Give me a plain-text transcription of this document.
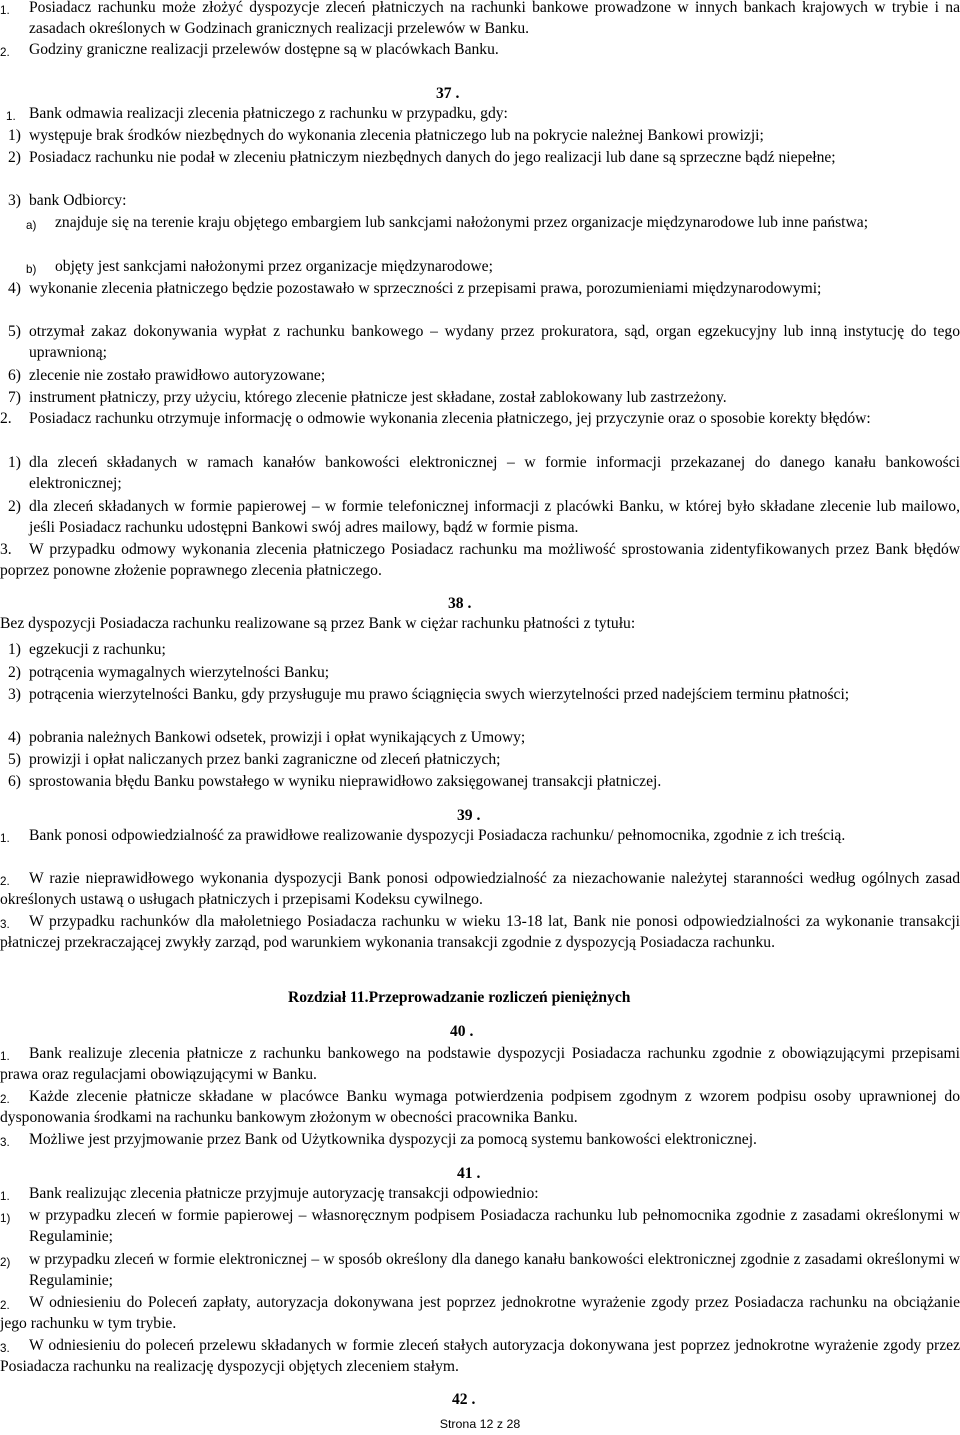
1.	Posiadacz rachunku może złożyć dyspozycje zleceń płatniczych na rachunki bankowe prowadzone w innych bankach krajowych w trybie i na zasadach określonych w Godzinach granicznych realizacji przelewów w Banku.

2.	Godziny graniczne realizacji przelewów dostępne są w placówkach Banku.

37 .
1. Bank odmawia realizacji zlecenia płatniczego z rachunku w przypadku, gdy:

1) występuje brak środków niezbędnych do wykonania zlecenia płatniczego lub na pokrycie należnej Bankowi prowizji;

2) Posiadacz rachunku nie podał w zleceniu płatniczym niezbędnych danych do jego realizacji lub dane są sprzeczne bądź niepełne;

3) bank Odbiorcy:

a)	znajduje się na terenie kraju objętego embargiem lub sankcjami nałożonymi przez organizacje międzynarodowe lub inne państwa;

b)	objęty jest sankcjami nałożonymi przez organizacje międzynarodowe;

4) wykonanie zlecenia płatniczego będzie pozostawało w sprzeczności z przepisami prawa, porozumieniami międzynarodowymi;

5) otrzymał zakaz dokonywania wypłat z rachunku bankowego – wydany przez prokuratora, sąd, organ egzekucyjny lub inną instytucję do tego uprawnioną;

6) zlecenie nie zostało prawidłowo autoryzowane;

7) instrument płatniczy, przy użyciu, którego zlecenie płatnicze jest składane, został zablokowany lub zastrzeżony.

2.	Posiadacz rachunku otrzymuje informację o odmowie wykonania zlecenia płatniczego, jej przyczynie oraz o sposobie korekty błędów:

1) dla zleceń składanych w ramach kanałów bankowości elektronicznej – w formie informacji przekazanej do danego kanału bankowości elektronicznej;

2) dla zleceń składanych w formie papierowej – w formie telefonicznej informacji z placówki Banku, w której było składane zlecenie lub mailowo, jeśli Posiadacz rachunku udostępni Bankowi swój adres mailowy, bądź w formie pisma.

3.	W przypadku odmowy wykonania zlecenia płatniczego Posiadacz rachunku ma możliwość sprostowania zidentyfikowanych przez Bank błędów poprzez ponowne złożenie poprawnego zlecenia płatniczego.

38 .
Bez dyspozycji Posiadacza rachunku realizowane są przez Bank w ciężar rachunku płatności z tytułu:
1) egzekucji z rachunku;

2) potrącenia wymagalnych wierzytelności Banku;

3) potrącenia wierzytelności Banku, gdy przysługuje mu prawo ściągnięcia swych wierzytelności przed nadejściem terminu płatności;

4) pobrania należnych Bankowi odsetek, prowizji i opłat wynikających z Umowy;

5) prowizji i opłat naliczanych przez banki zagraniczne od zleceń płatniczych;

6) sprostowania błędu Banku powstałego w wyniku nieprawidłowo zaksięgowanej transakcji płatniczej.

39 .
1.	Bank ponosi odpowiedzialność za prawidłowe realizowanie dyspozycji Posiadacza rachunku/ pełnomocnika, zgodnie z ich treścią.

2.	W razie nieprawidłowego wykonania dyspozycji Bank ponosi odpowiedzialność za niezachowanie należytej staranności według ogólnych zasad określonych ustawą o usługach płatniczych i przepisami Kodeksu cywilnego.

3.	W przypadku rachunków dla małoletniego Posiadacza rachunku w wieku 13-18 lat, Bank nie ponosi odpowiedzialności za wykonanie transakcji płatniczej przekraczającej zwykły zarząd, pod warunkiem wykonania transakcji zgodnie z dyspozycją Posiadacza rachunku.

Rozdział 11.Przeprowadzanie rozliczeń pieniężnych
40 .
1.	Bank realizuje zlecenia płatnicze z rachunku bankowego na podstawie dyspozycji Posiadacza rachunku zgodnie z obowiązującymi przepisami prawa oraz regulacjami obowiązującymi w Banku.

2.	Każde zlecenie płatnicze składane w placówce Banku wymaga potwierdzenia podpisem zgodnym z wzorem podpisu osoby uprawnionej do dysponowania środkami na rachunku bankowym złożonym w obecności pracownika Banku.

3.	Możliwe jest przyjmowanie przez Bank od Użytkownika dyspozycji za pomocą systemu bankowości elektronicznej.

41 .
1.	Bank realizując zlecenia płatnicze przyjmuje autoryzację transakcji odpowiednio:

1)	w przypadku zleceń w formie papierowej – własnoręcznym podpisem Posiadacza rachunku lub pełnomocnika zgodnie z zasadami określonymi w Regulaminie;

2)	w przypadku zleceń w formie elektronicznej – w sposób określony dla danego kanału bankowości elektronicznej zgodnie z zasadami określonymi w Regulaminie;

2.	W odniesieniu do Poleceń zapłaty, autoryzacja dokonywana jest poprzez jednokrotne wyrażenie zgody przez Posiadacza rachunku na obciążanie jego rachunku w tym trybie.

3.	W odniesieniu do poleceń przelewu składanych w formie zleceń stałych autoryzacja dokonywana jest poprzez jednokrotne wyrażenie zgody przez Posiadacza rachunku na realizację dyspozycji objętych zleceniem stałym.

42 .
Strona 12 z 28
